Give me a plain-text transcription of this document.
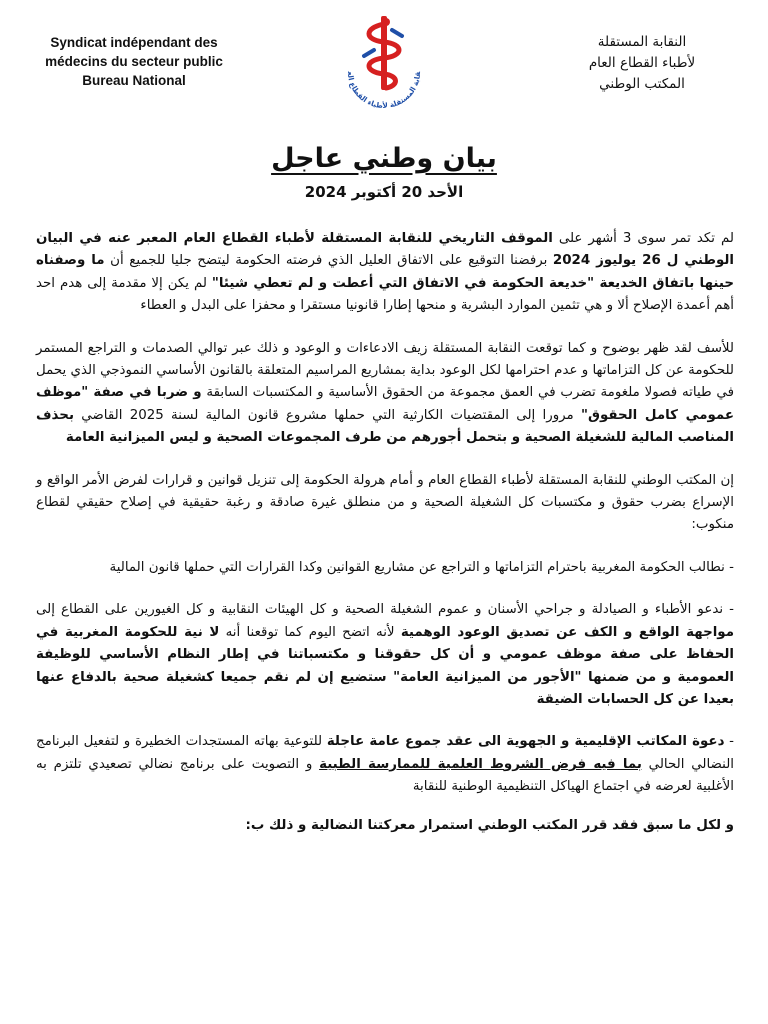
Syndicat indépendant des
médecins du secteur public
Bureau National	قابة المستقلة لأطباء القطاع الع
النقابة المستقلة
لأطباء القطاع العام
المكتب الوطني
بيان وطني عاجل
الأحد 20 أكتوبر 2024

لم تكد تمر سوى 3 أشهر على الموقف التاريخي للنقابة المستقلة لأطباء القطاع العام المعبر عنه في البيان الوطني ل 26 يوليوز 2024 برفضنا التوقيع على الاتفاق العليل الذي فرضته الحكومة ليتضح جليا للجميع أن ما وصفناه حينها باتفاق الخديعة "خديعة الحكومة في الاتفاق التي أعطت و لم تعطي شيئا" لم يكن إلا مقدمة إلى هدم احد أهم أعمدة الإصلاح ألا و هي تثمين الموارد البشرية و منحها إطارا قانونيا مستقرا و محفزا على البدل و العطاء

للأسف لقد ظهر بوضوح و كما توقعت النقابة المستقلة زيف الادعاءات و الوعود و ذلك عبر توالي الصدمات و التراجع المستمر للحكومة عن كل التزاماتها و عدم احترامها لكل الوعود بداية بمشاريع المراسيم المتعلقة بالقانون الأساسي النموذجي الذي يحمل في طياته فصولا ملغومة تضرب في العمق مجموعة من الحقوق الأساسية و المكتسبات السابقة و ضربا في صفة "موظف عمومي كامل الحقوق" مرورا إلى المقتضيات الكارثية التي حملها مشروع قانون المالية لسنة 2025 القاضي بحذف المناصب المالية للشغيلة الصحية و بتحمل أجورهم من طرف المجموعات الصحية و ليس الميزانية العامة

إن المكتب الوطني للنقابة المستقلة لأطباء القطاع العام و أمام هرولة الحكومة إلى تنزيل قوانين و قرارات لفرض الأمر الواقع و الإسراع بضرب حقوق و مكتسبات كل الشغيلة الصحية و من منطلق غيرة صادقة و رغبة حقيقية في إصلاح حقيقي لقطاع منكوب:

- نطالب الحكومة المغربية باحترام التزاماتها و التراجع عن مشاريع القوانين وكدا القرارات التي حملها قانون المالية

- ندعو الأطباء و الصيادلة و جراحي الأسنان و عموم الشغيلة الصحية و كل الهيئات النقابية و كل الغيورين على القطاع إلى مواجهة الواقع و الكف عن تصديق الوعود الوهمية لأنه اتضح اليوم كما توقعنا أنه لا نية للحكومة المغربية في الحفاظ على صفة موظف عمومي و أن كل حقوقنا و مكتسباتنا في إطار النظام الأساسي للوظيفة العمومية و من ضمنها "الأجور من الميزانية العامة" ستضيع إن لم نقم جميعا كشغيلة صحية بالدفاع عنها بعيدا عن كل الحسابات الضيقة

- دعوة المكاتب الإقليمية و الجهوية الى عقد جموع عامة عاجلة للتوعية بهاته المستجدات الخطيرة و لتفعيل البرنامج النضالي الحالي بما فيه فرض الشروط العلمية للممارسة الطبية و التصويت على برنامج نضالي تصعيدي تلتزم به الأغلبية لعرضه في اجتماع الهياكل التنظيمية الوطنية للنقابة

و لكل ما سبق فقد قرر المكتب الوطني استمرار معركتنا النضالية و ذلك ب:
